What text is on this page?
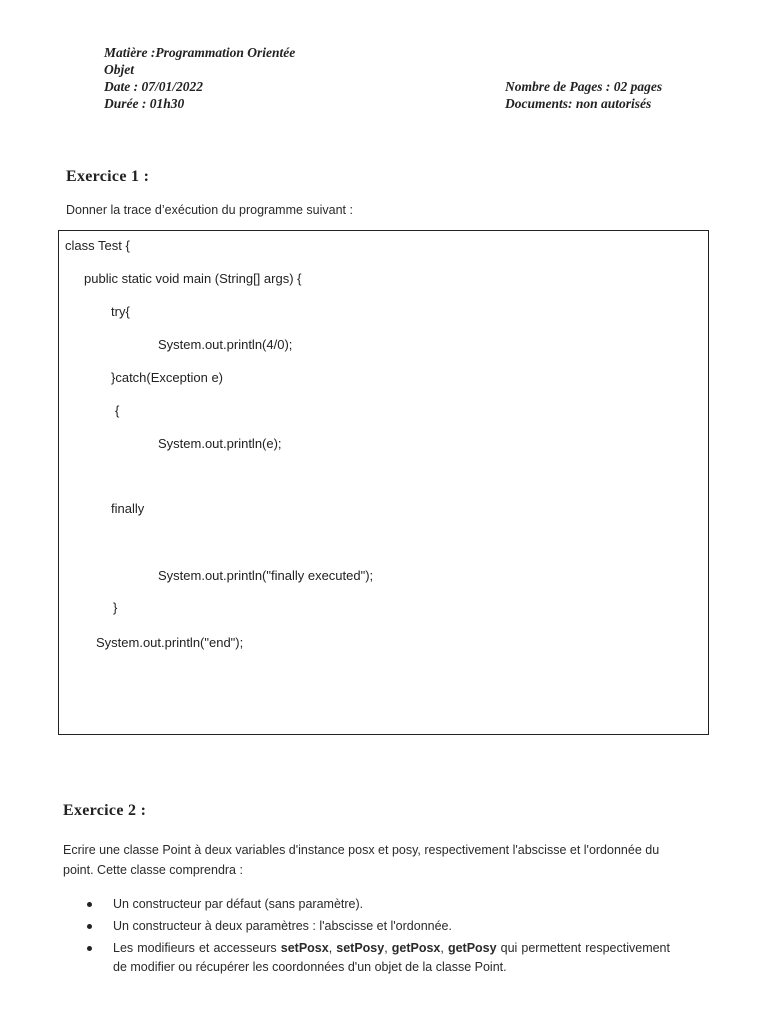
Matière :Programmation Orientée
Objet
Date : 07/01/2022
Durée : 01h30
Nombre de Pages : 02 pages
Documents: non autorisés
Exercice 1 :
Donner la trace d’exécution du programme suivant :
class Test {
public static void main (String[] args) {
try{
System.out.println(4/0);
}catch(Exception e)
{
System.out.println(e);
finally
System.out.println("finally executed");
}
System.out.println("end");
Exercice 2 :
Ecrire une classe Point à deux variables d'instance posx et posy, respectivement l'abscisse et l'ordonnée du point. Cette classe comprendra :
Un constructeur par défaut (sans paramètre).
Un constructeur à deux paramètres : l'abscisse et l'ordonnée.
Les modifieurs et accesseurs setPosx, setPosy, getPosx, getPosy qui permettent respectivement de modifier ou récupérer les coordonnées d'un objet de la classe Point.
